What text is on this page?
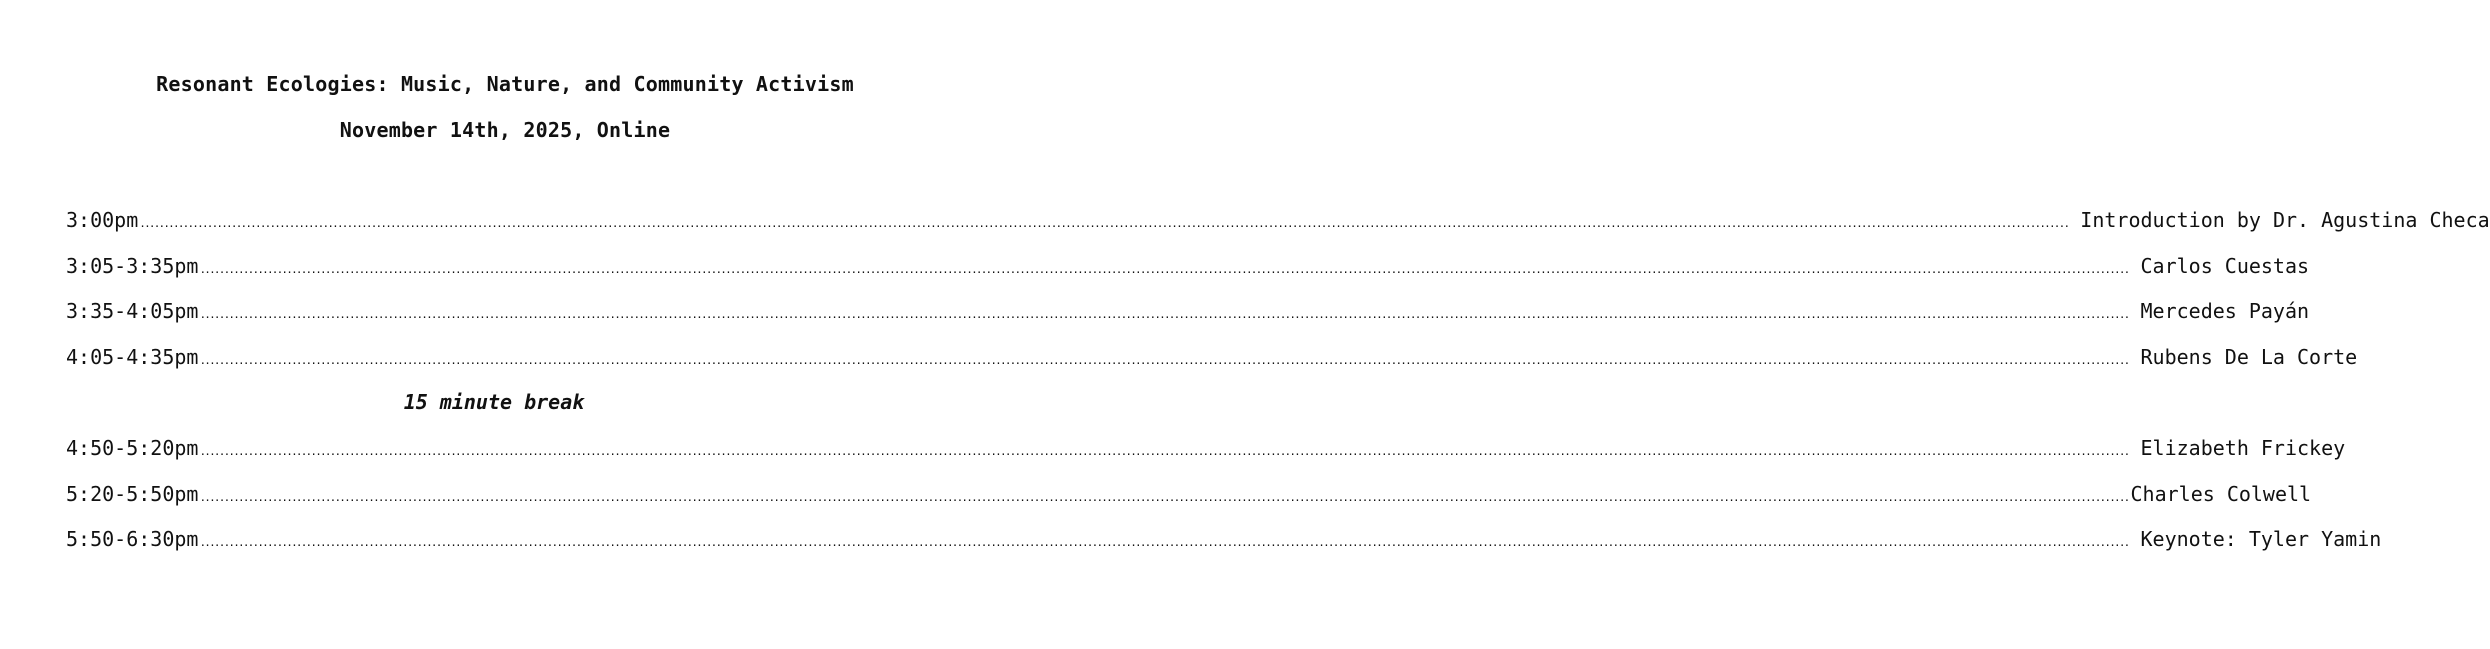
Resonant Ecologies: Music, Nature, and Community Activism
November 14th, 2025, Online
3:00pm ................................................................................................................................................................................................................................................................................................................................................................................................................ Introduction by Dr. Agustina Checa
3:05-3:35pm ................................................................................................................................................................................................................................................................................................................................................................................................................ Carlos Cuestas
3:35-4:05pm ................................................................................................................................................................................................................................................................................................................................................................................................................ Mercedes Payán
4:05-4:35pm ................................................................................................................................................................................................................................................................................................................................................................................................................ Rubens De La Corte
15 minute break
4:50-5:20pm ................................................................................................................................................................................................................................................................................................................................................................................................................ Elizabeth Frickey
5:20-5:50pm ................................................................................................................................................................................................................................................................................................................................................................................................................ Charles Colwell
5:50-6:30pm ................................................................................................................................................................................................................................................................................................................................................................................................................ Keynote: Tyler Yamin
